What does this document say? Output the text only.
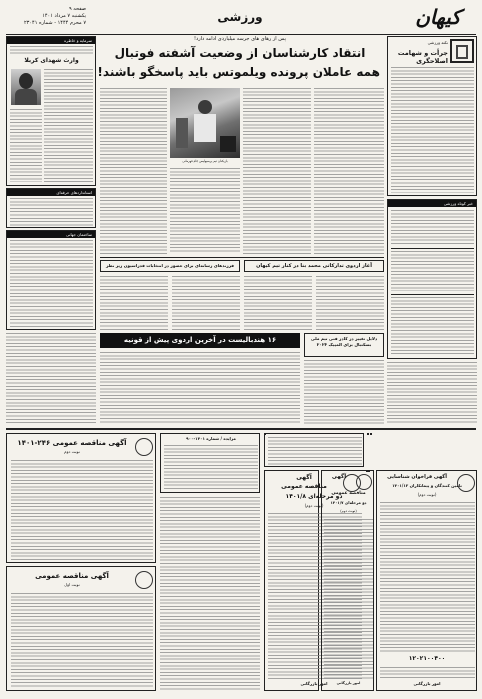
صفحه ۹
یکشنبه ۷ مرداد ۱۴۰۱
۷ محرم ۱۴۴۴ - شماره ۲۳۰۴۱	ورزشی	کیهان
پس از رهای های جرسه میلیاردی ادامه دارد!
انتقاد کارشناسان از وضعیت آشفته فوتبال
همه عاملان پرونده ویلموتس باید پاسخگو باشند!
نکته ورزشی
جرأت و شهامت اصلاحگری
خبر کوتاه ورزشی
بازیکنان تیم پرسپولیس جام قهرمانی
سرمایه و خاطره
وارث شهدای کربلا
استانداردهای حرفه‌ای
ساختمان جهانی
آغاز اردوی تدارکاتی محمد بنا در کنار تیم کیهان
فرزندهای رسانه‌ای برای حضور در انتخابات فدراسیون زیر نظر
۱۶ هندبالیست در آخرین اردوی پیش از قونیه	دلایل تغییر در کادر فنی تیم ملی بسکتبال برای المپیک ۲۰۲۴
آگهی مناقصه عمومی ۲۴۶-۱۴۰۱
نوبت دوم
آگهی مناقصه عمومی
نوبت اول
مزایده / شماره ۱۴۰۱-۹۰۰
آگهی
مناقصه عمومی
دو مرحله‌ای ۱۴۰۱/۸
(نوبت دوم)
امور بازرگانی
آگهی فراخوان شناسایی
تامین کنندگان و پیمانکاران ۱۴۰۱/۱۲
(نوبت دوم)
۱۲۰۲۱۰۰۴۰۰
امور بازرگانی
آگهی
مناقصه عمومی
دو مرحله‌ای ۱۴۰۱/۷
(نوبت دوم)
امور بازرگانی
